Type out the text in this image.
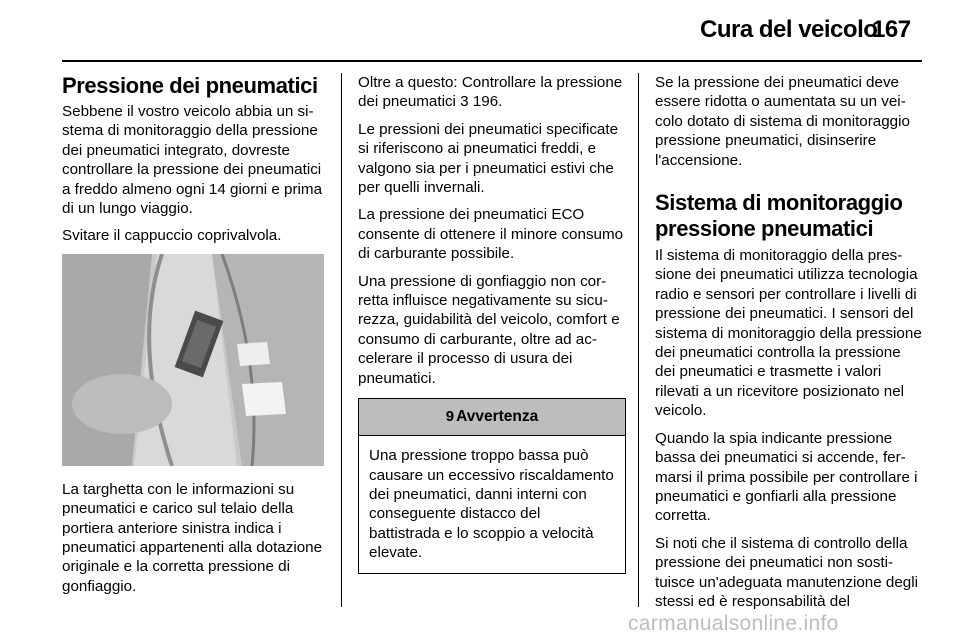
Cura del veicolo
167
Pressione dei pneumatici

Sebbene il vostro veicolo abbia un sistema di monitoraggio della pressione dei pneumatici integrato, dovreste controllare la pressione dei pneumatici a freddo almeno ogni 14 giorni e prima di un lungo viaggio.

Svitare il cappuccio coprivalvola.

La targhetta con le informazioni su pneumatici e carico sul telaio della portiera anteriore sinistra indica i pneumatici appartenenti alla dotazione originale e la corretta pressione di gonfiaggio.

Oltre a questo: Controllare la pressione dei pneumatici 3 196.

Le pressioni dei pneumatici specificate si riferiscono ai pneumatici freddi, e valgono sia per i pneumatici estivi che per quelli invernali.

La pressione dei pneumatici ECO consente di ottenere il minore consumo di carburante possibile.

Una pressione di gonfiaggio non corretta influisce negativamente su sicurezza, guidabilità del veicolo, comfort e consumo di carburante, oltre ad accelerare il processo di usura dei pneumatici.

9 Avvertenza
Una pressione troppo bassa può causare un eccessivo riscaldamento dei pneumatici, danni interni con conseguente distacco del battistrada e lo scoppio a velocità elevate.

Se la pressione dei pneumatici deve essere ridotta o aumentata su un veicolo dotato di sistema di monitoraggio pressione pneumatici, disinserire l'accensione.

Sistema di monitoraggio pressione pneumatici

Il sistema di monitoraggio della pressione dei pneumatici utilizza tecnologia radio e sensori per controllare i livelli di pressione dei pneumatici. I sensori del sistema di monitoraggio della pressione dei pneumatici controlla la pressione dei pneumatici e trasmette i valori rilevati a un ricevitore posizionato nel veicolo.

Quando la spia indicante pressione bassa dei pneumatici si accende, fermarsi il prima possibile per controllare i pneumatici e gonfiarli alla pressione corretta.

Si noti che il sistema di controllo della pressione dei pneumatici non sostituisce un'adeguata manutenzione degli stessi ed è responsabilità del

carmanualsonline.info
